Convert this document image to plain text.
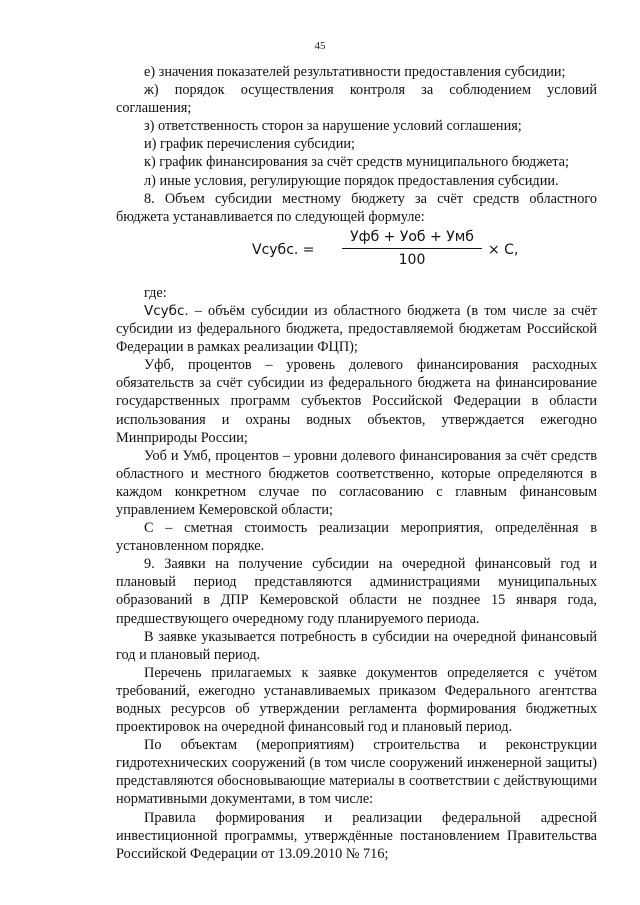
45

е) значения показателей результативности предоставления субсидии;

ж) порядок осуществления контроля за соблюдением условий соглашения;

з) ответственность сторон за нарушение условий соглашения;

и) график перечисления субсидии;

к) график финансирования за счёт средств муниципального бюджета;

л) иные условия, регулирующие порядок предоставления субсидии.

8. Объем субсидии местному бюджету за счёт средств областного бюджета устанавливается по следующей формуле:

Vсубс. =
Уфб + Уоб + Умб
100
× С,

где:

Vсубс. – объём субсидии из областного бюджета (в том числе за счёт субсидии из федерального бюджета, предоставляемой бюджетам Российской Федерации в рамках реализации ФЦП);

Уфб, процентов – уровень долевого финансирования расходных обязательств за счёт субсидии из федерального бюджета на финансирование государственных программ субъектов Российской Федерации в области использования и охраны водных объектов, утверждается ежегодно Минприроды России;

Уоб и Умб, процентов – уровни долевого финансирования за счёт средств областного и местного бюджетов соответственно, которые определяются в каждом конкретном случае по согласованию с главным финансовым управлением Кемеровской области;

С – сметная стоимость реализации мероприятия, определённая в установленном порядке.

9. Заявки на получение субсидии на очередной финансовый год и плановый период представляются администрациями муниципальных образований в ДПР Кемеровской области не позднее 15 января года, предшествующего очередному году планируемого периода.

В заявке указывается потребность в субсидии на очередной финансовый год и плановый период.

Перечень прилагаемых к заявке документов определяется с учётом требований, ежегодно устанавливаемых приказом Федерального агентства водных ресурсов об утверждении регламента формирования бюджетных проектировок на очередной финансовый год и плановый период.

По объектам (мероприятиям) строительства и реконструкции гидротехнических сооружений (в том числе сооружений инженерной защиты) представляются обосновывающие материалы в соответствии с действующими нормативными документами, в том числе:

Правила формирования и реализации федеральной адресной инвестиционной программы, утверждённые постановлением Правительства Российской Федерации от 13.09.2010 № 716;
